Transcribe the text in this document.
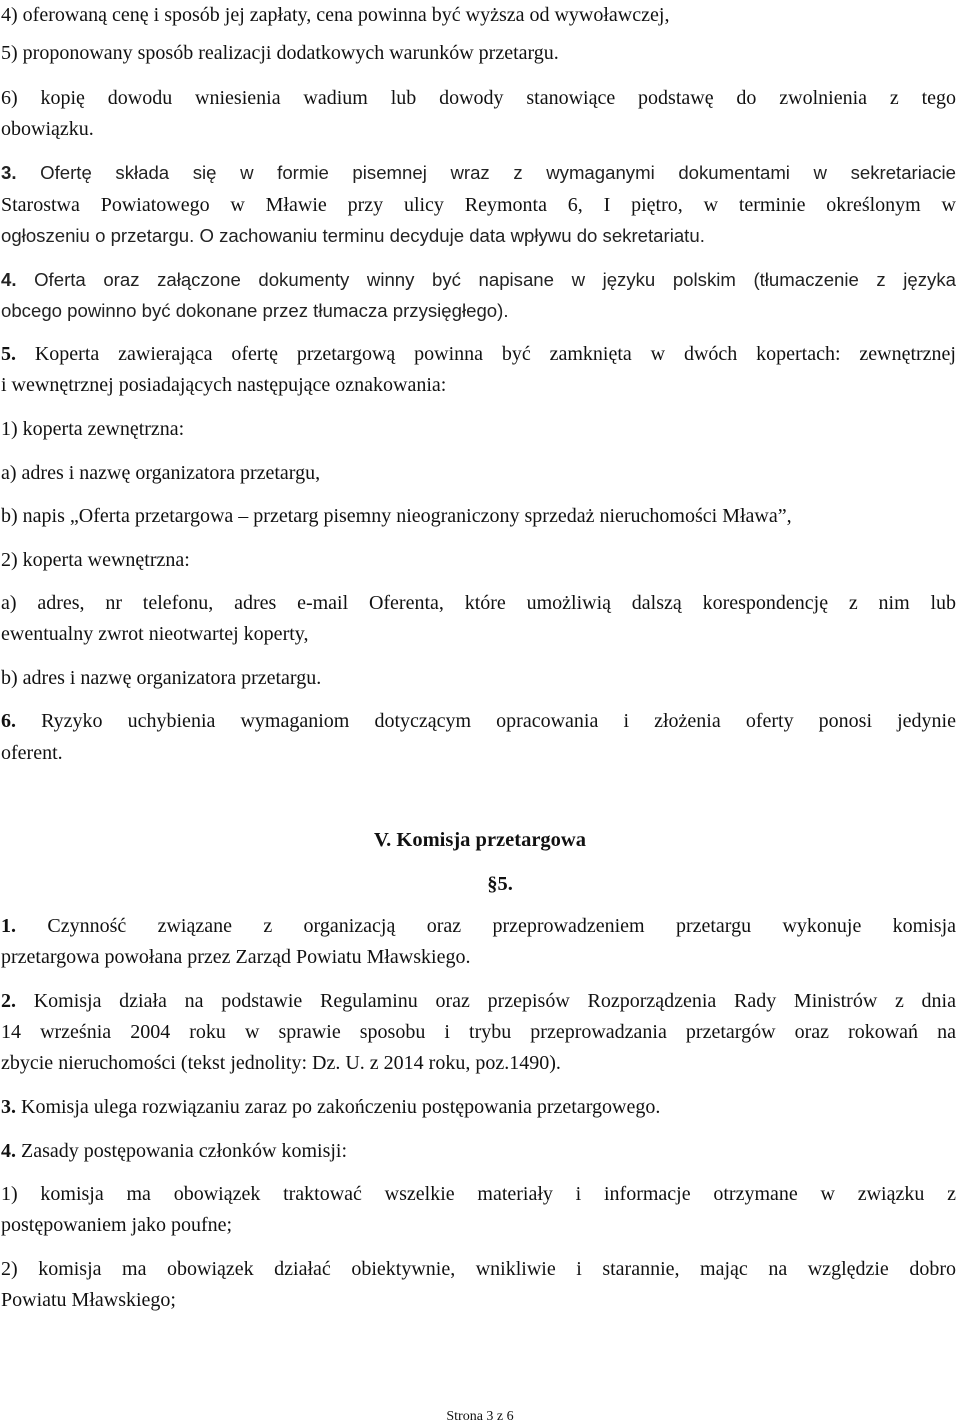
4) oferowaną cenę i sposób jej zapłaty, cena powinna być wyższa od wywoławczej,
5) proponowany sposób realizacji dodatkowych warunków przetargu.
6) kopię dowodu wniesienia wadium lub dowody stanowiące podstawę do zwolnienia z tego
obowiązku.
3. Ofertę składa się w formie pisemnej wraz z wymaganymi dokumentami w sekretariacie
Starostwa Powiatowego w Mławie przy ulicy Reymonta 6, I piętro, w terminie określonym w
ogłoszeniu o przetargu. O zachowaniu terminu decyduje data wpływu do sekretariatu.
4. Oferta oraz załączone dokumenty winny być napisane w języku polskim (tłumaczenie z języka
obcego powinno być dokonane przez tłumacza przysięgłego).
5. Koperta zawierająca ofertę przetargową powinna być zamknięta w dwóch kopertach: zewnętrznej
i wewnętrznej posiadających następujące oznakowania:
1) koperta zewnętrzna:
a) adres i nazwę organizatora przetargu,
b) napis „Oferta przetargowa – przetarg pisemny nieograniczony sprzedaż nieruchomości Mława”,
2) koperta wewnętrzna:
a) adres, nr telefonu, adres e-mail Oferenta, które umożliwią dalszą korespondencję z nim lub
ewentualny zwrot nieotwartej koperty,
b) adres i nazwę organizatora przetargu.
6. Ryzyko uchybienia wymaganiom dotyczącym opracowania i złożenia oferty ponosi jedynie
oferent.
V. Komisja przetargowa
§5.
1. Czynność związane z organizacją oraz przeprowadzeniem przetargu wykonuje komisja
przetargowa powołana przez Zarząd Powiatu Mławskiego.
2. Komisja działa na podstawie Regulaminu oraz przepisów Rozporządzenia Rady Ministrów z dnia
14 września 2004 roku w sprawie sposobu i trybu przeprowadzania przetargów oraz rokowań na
zbycie nieruchomości (tekst jednolity: Dz. U. z 2014 roku, poz.1490).
3. Komisja ulega rozwiązaniu zaraz po zakończeniu postępowania przetargowego.
4. Zasady postępowania członków komisji:
1) komisja ma obowiązek traktować wszelkie materiały i informacje otrzymane w związku z
postępowaniem jako poufne;
2) komisja ma obowiązek działać obiektywnie, wnikliwie i starannie, mając na względzie dobro
Powiatu Mławskiego;
Strona 3 z 6
